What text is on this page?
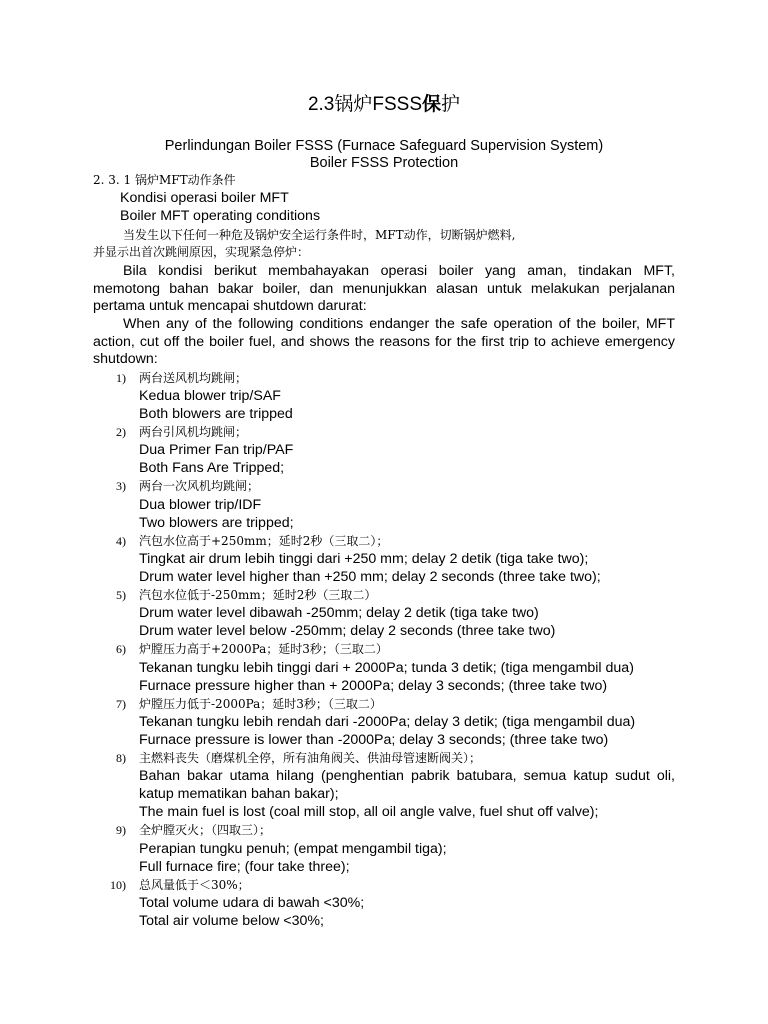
2.3锅炉FSSS保护
Perlindungan Boiler FSSS (Furnace Safeguard Supervision System)
Boiler FSSS Protection
2. 3. 1 锅炉MFT动作条件
Kondisi operasi boiler MFT
Boiler MFT operating conditions
当发生以下任何一种危及锅炉安全运行条件时，MFT动作，切断锅炉燃料,
并显示出首次跳闸原因，实现紧急停炉：
Bila kondisi berikut membahayakan operasi boiler yang aman, tindakan MFT, memotong bahan bakar boiler, dan menunjukkan alasan untuk melakukan perjalanan pertama untuk mencapai shutdown darurat:
When any of the following conditions endanger the safe operation of the boiler, MFT action, cut off the boiler fuel, and shows the reasons for the first trip to achieve emergency shutdown:
1) 两台送风机均跳闸；
Kedua blower trip/SAF
Both blowers are tripped
2) 两台引风机均跳闸；
Dua Primer Fan trip/PAF
Both Fans Are Tripped;
3) 两台一次风机均跳闸；
Dua blower trip/IDF
Two blowers are tripped;
4) 汽包水位高于+250mm；延时2秒（三取二）；
Tingkat air drum lebih tinggi dari +250 mm; delay 2 detik (tiga take two);
Drum water level higher than +250 mm; delay 2 seconds (three take two);
5) 汽包水位低于-250mm；延时2秒（三取二）
Drum water level dibawah -250mm; delay 2 detik (tiga take two)
Drum water level below -250mm; delay 2 seconds (three take two)
6) 炉膛压力高于+2000Pa；延时3秒；（三取二）
Tekanan tungku lebih tinggi dari + 2000Pa; tunda 3 detik; (tiga mengambil dua)
Furnace pressure higher than + 2000Pa; delay 3 seconds; (three take two)
7) 炉膛压力低于-2000Pa；延时3秒；（三取二）
Tekanan tungku lebih rendah dari -2000Pa; delay 3 detik; (tiga mengambil dua)
Furnace pressure is lower than -2000Pa; delay 3 seconds; (three take two)
8) 主燃料丧失（磨煤机全停，所有油角阀关、供油母管速断阀关）；
Bahan bakar utama hilang (penghentian pabrik batubara, semua katup sudut oli, katup mematikan bahan bakar);
The main fuel is lost (coal mill stop, all oil angle valve, fuel shut off valve);
9) 全炉膛灭火；（四取三）；
Perapian tungku penuh; (empat mengambil tiga);
Full furnace fire; (four take three);
10) 总风量低于＜30%；
Total volume udara di bawah <30%;
Total air volume below <30%;
